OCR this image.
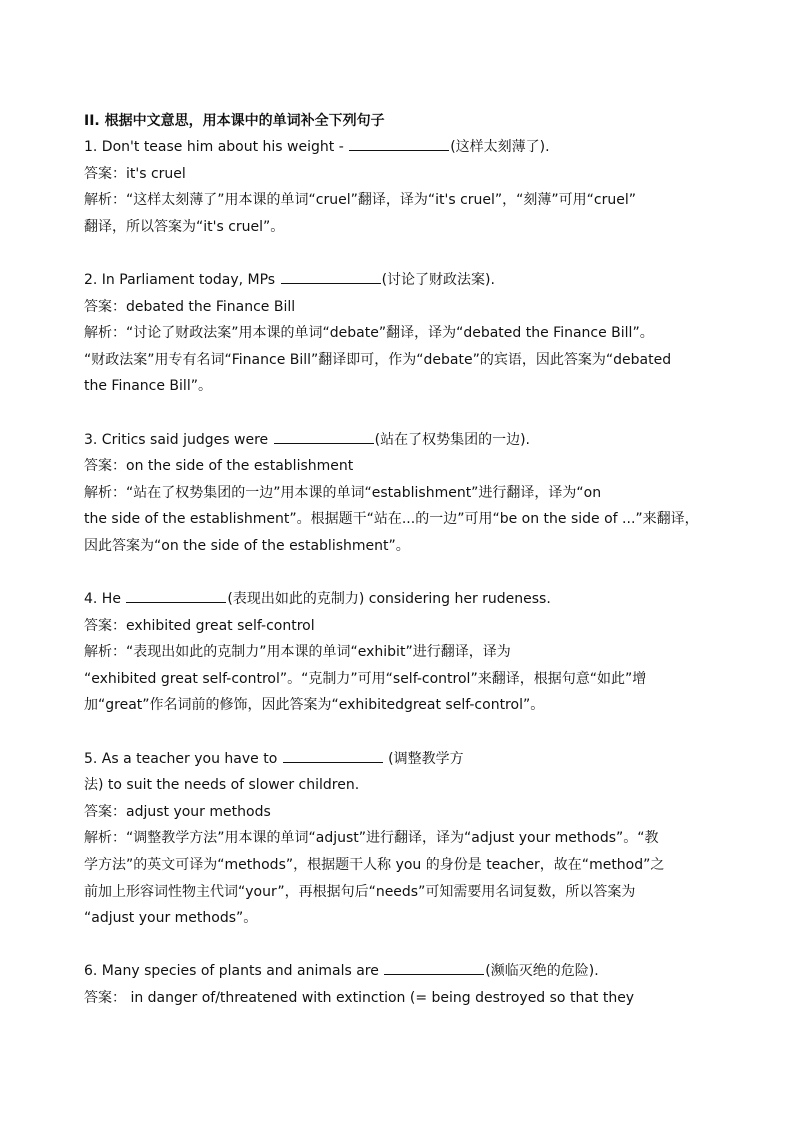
II. 根据中文意思，用本课中的单词补全下列句子

1. Don't tease him about his weight -	(这样太刻薄了).

答案：it's cruel

解析：“这样太刻薄了”用本课的单词“cruel”翻译，译为“it's cruel”，“刻薄”可用“cruel”

翻译，所以答案为“it's cruel”。

2. In Parliament today, MPs	(讨论了财政法案).

答案：debated the Finance Bill

解析：“讨论了财政法案”用本课的单词“debate”翻译，译为“debated the Finance Bill”。

“财政法案”用专有名词“Finance Bill”翻译即可，作为“debate”的宾语，因此答案为“debated

the Finance Bill”。

3. Critics said judges were	(站在了权势集团的一边).

答案：on the side of the establishment

解析：“站在了权势集团的一边”用本课的单词“establishment”进行翻译，译为“on

the side of the establishment”。根据题干“站在...的一边”可用“be on the side of ...”来翻译，

因此答案为“on the side of the establishment”。

4. He	(表现出如此的克制力) considering her rudeness.

答案：exhibited great self-control

解析：“表现出如此的克制力”用本课的单词“exhibit”进行翻译，译为

“exhibited great self-control”。“克制力”可用“self-control”来翻译，根据句意“如此”增

加“great”作名词前的修饰，因此答案为“exhibitedgreat self-control”。

5. As a teacher you have to	(调整教学方

法) to suit the needs of slower children.

答案：adjust your methods

解析：“调整教学方法”用本课的单词“adjust”进行翻译，译为“adjust your methods”。“教

学方法”的英文可译为“methods”，根据题干人称 you 的身份是 teacher，故在“method”之

前加上形容词性物主代词“your”，再根据句后“needs”可知需要用名词复数，所以答案为

“adjust your methods”。

6. Many species of plants and animals are	(濒临灭绝的危险).

答案： in danger of/threatened with extinction (= being destroyed so that they
